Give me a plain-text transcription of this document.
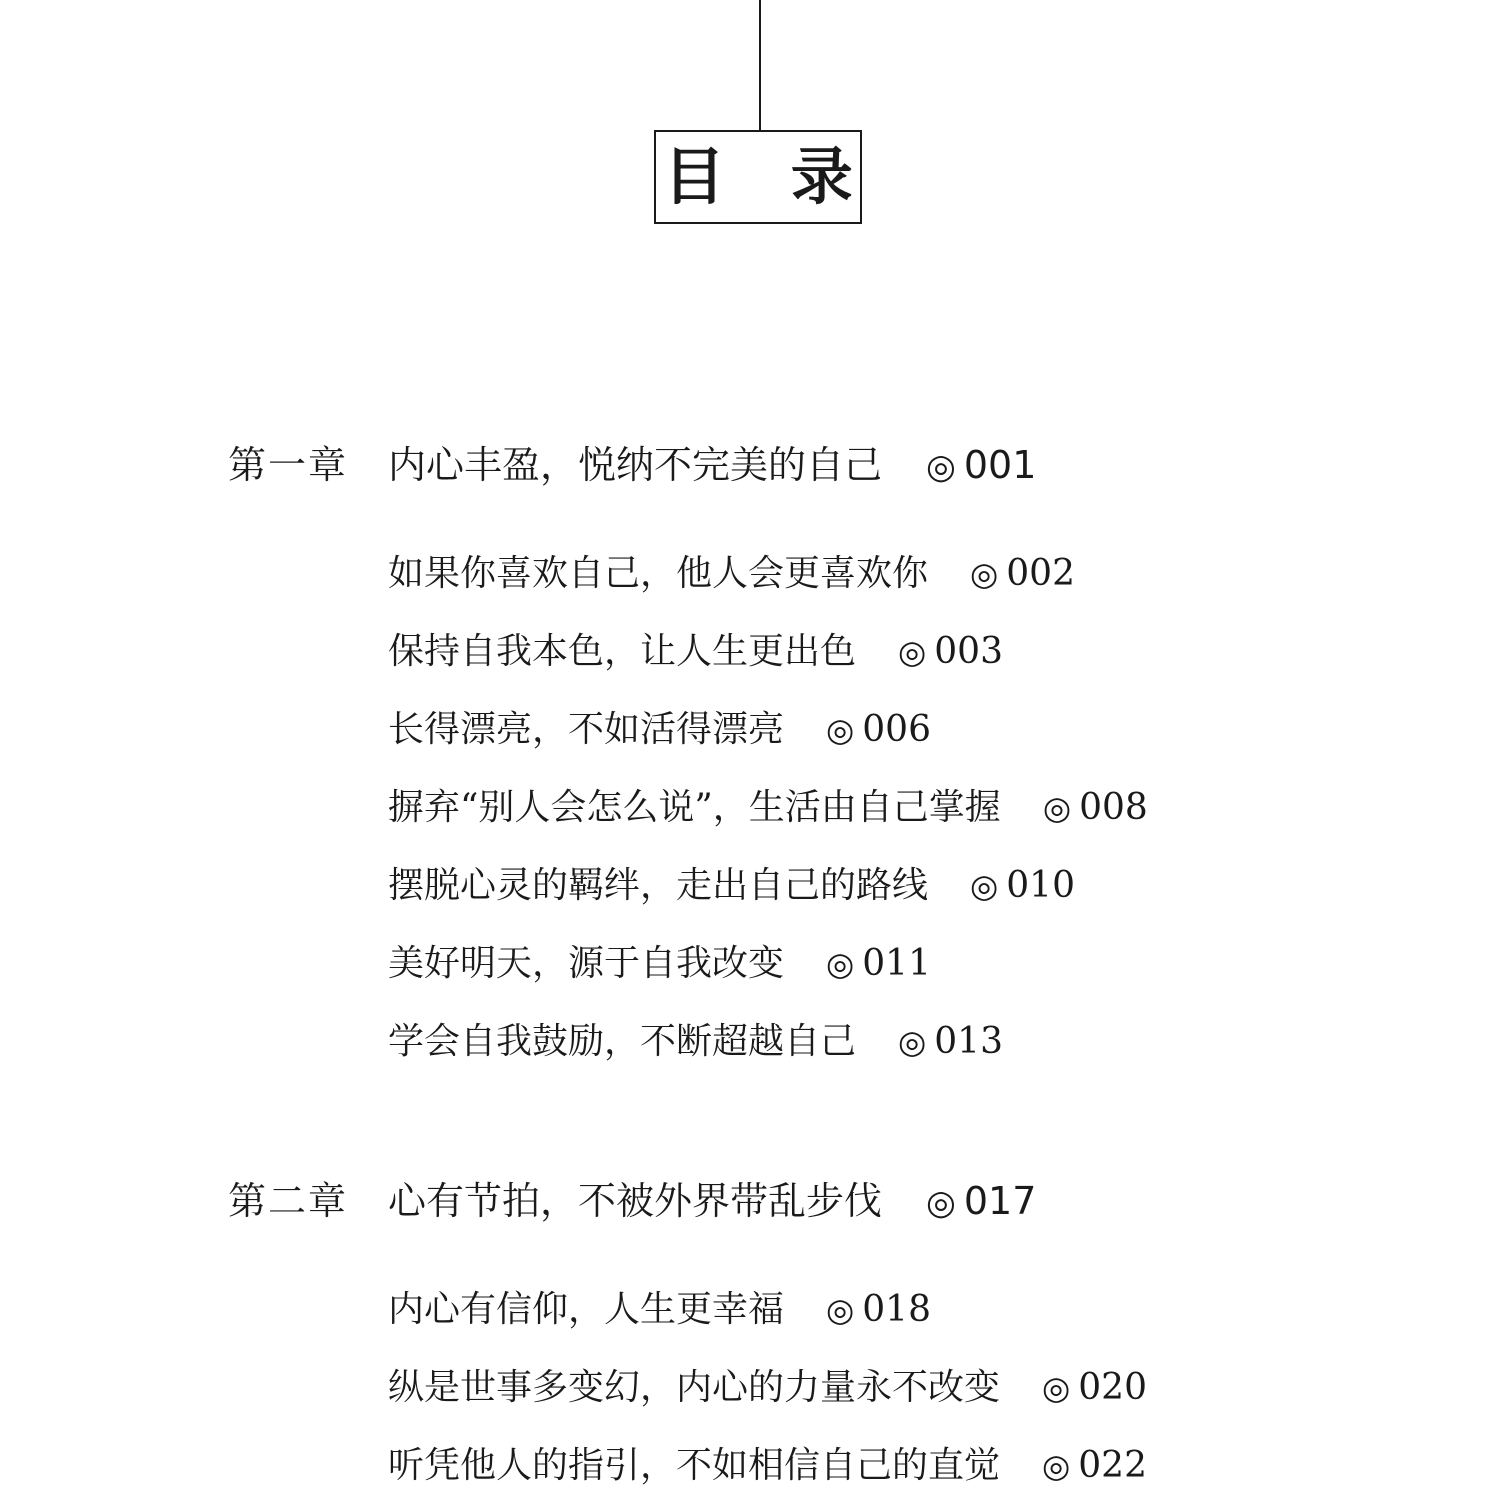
目 录
第一章 内心丰盈，悦纳不完美的自己 ◎ 001
如果你喜欢自己，他人会更喜欢你 ◎ 002
保持自我本色，让人生更出色 ◎ 003
长得漂亮，不如活得漂亮 ◎ 006
摒弃“别人会怎么说”，生活由自己掌握 ◎ 008
摆脱心灵的羁绊，走出自己的路线 ◎ 010
美好明天，源于自我改变 ◎ 011
学会自我鼓励，不断超越自己 ◎ 013
第二章 心有节拍，不被外界带乱步伐 ◎ 017
内心有信仰，人生更幸福 ◎ 018
纵是世事多变幻，内心的力量永不改变 ◎ 020
听凭他人的指引，不如相信自己的直觉 ◎ 022
